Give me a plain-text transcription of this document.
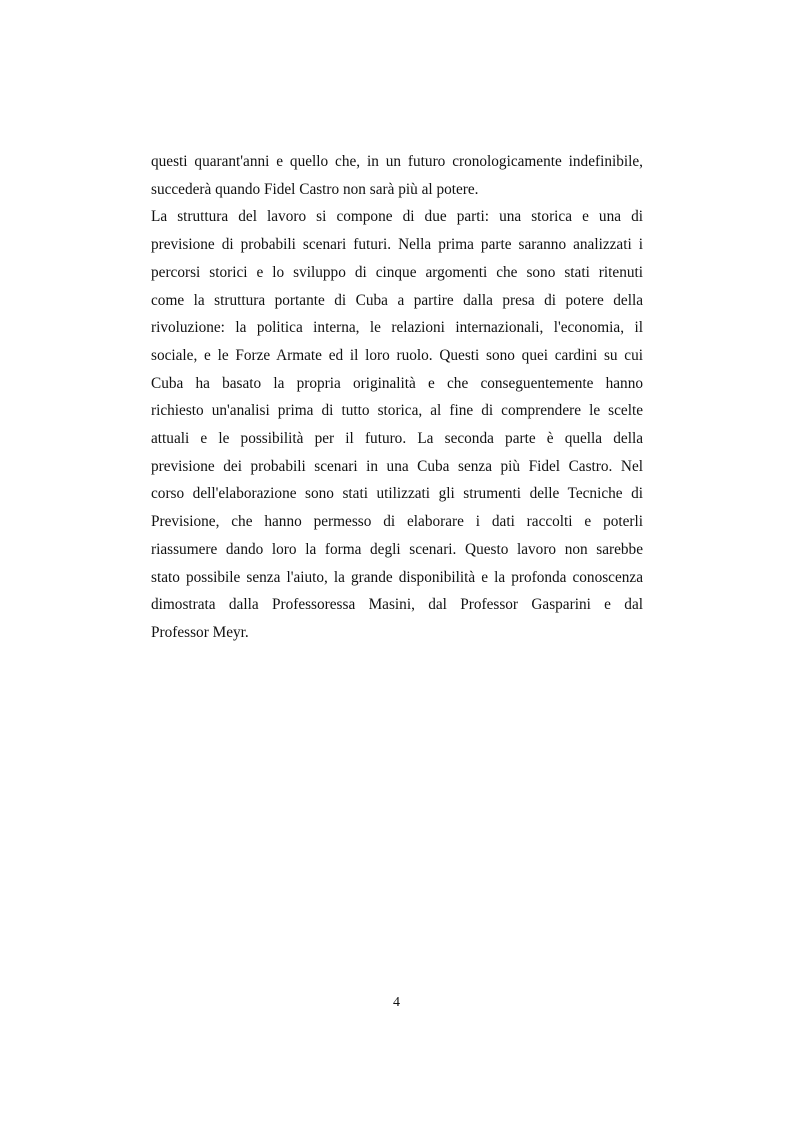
questi quarant'anni e quello che, in un futuro cronologicamente indefinibile,
succederà quando Fidel Castro non sarà più al potere.
La struttura del lavoro si compone di due parti: una storica e una di
previsione di probabili scenari futuri. Nella prima parte saranno analizzati i
percorsi storici e lo sviluppo di cinque argomenti che sono stati ritenuti
come la struttura portante di Cuba a partire dalla presa di potere della
rivoluzione: la politica interna, le relazioni internazionali, l'economia, il
sociale, e le Forze Armate ed il loro ruolo. Questi sono quei cardini su cui
Cuba ha basato la propria originalità e che conseguentemente hanno
richiesto un'analisi prima di tutto storica, al fine di comprendere le scelte
attuali e le possibilità per il futuro. La seconda parte è quella della
previsione dei probabili scenari in una Cuba senza più Fidel Castro. Nel
corso dell'elaborazione sono stati utilizzati gli strumenti delle Tecniche di
Previsione, che hanno permesso di elaborare i dati raccolti e poterli
riassumere dando loro la forma degli scenari. Questo lavoro non sarebbe
stato possibile senza l'aiuto, la grande disponibilità e la profonda conoscenza
dimostrata dalla Professoressa Masini, dal Professor Gasparini e dal
Professor Meyr.
4
